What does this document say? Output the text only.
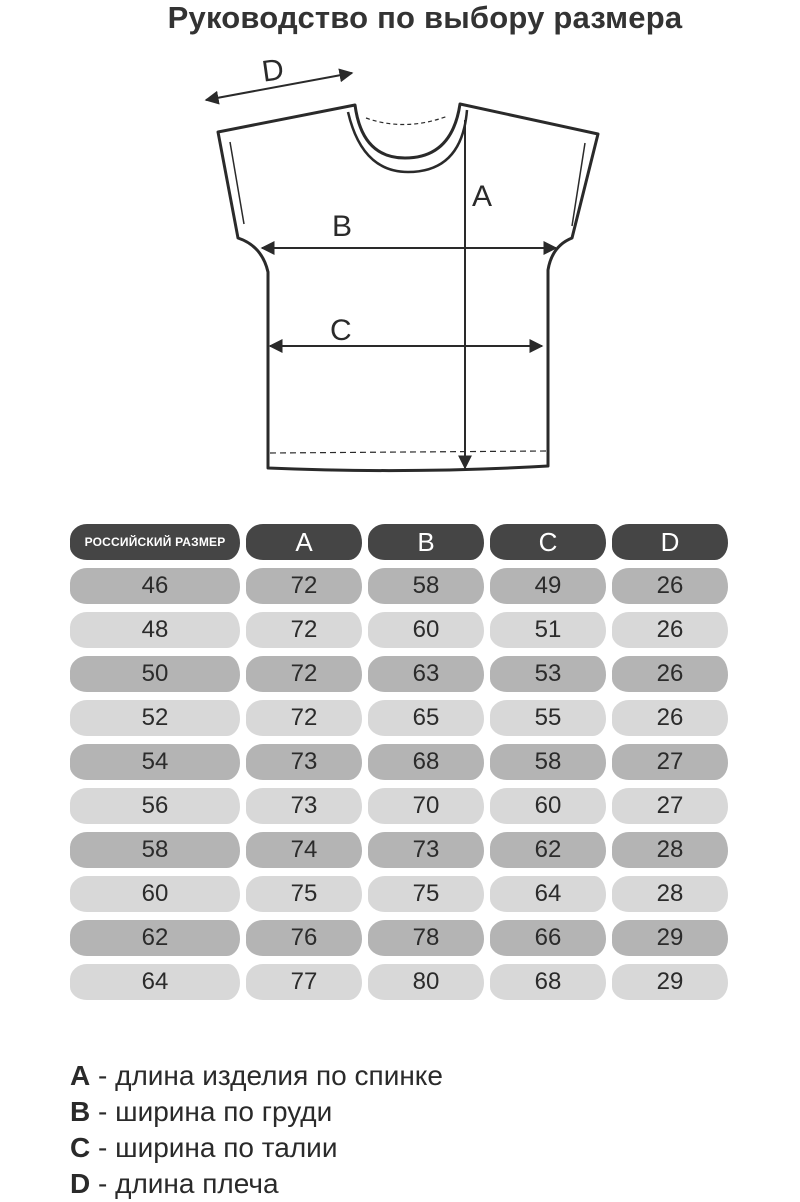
Руководство по выбору размера
A
B
C
D
РОССИЙСКИЙ РАЗМЕР	A	B	C	D
46	72	58	49	26
48	72	60	51	26
50	72	63	53	26
52	72	65	55	26
54	73	68	58	27
56	73	70	60	27
58	74	73	62	28
60	75	75	64	28
62	76	78	66	29
64	77	80	68	29
A - длина изделия по спинке
B - ширина по груди
C - ширина по талии
D - длина плеча
